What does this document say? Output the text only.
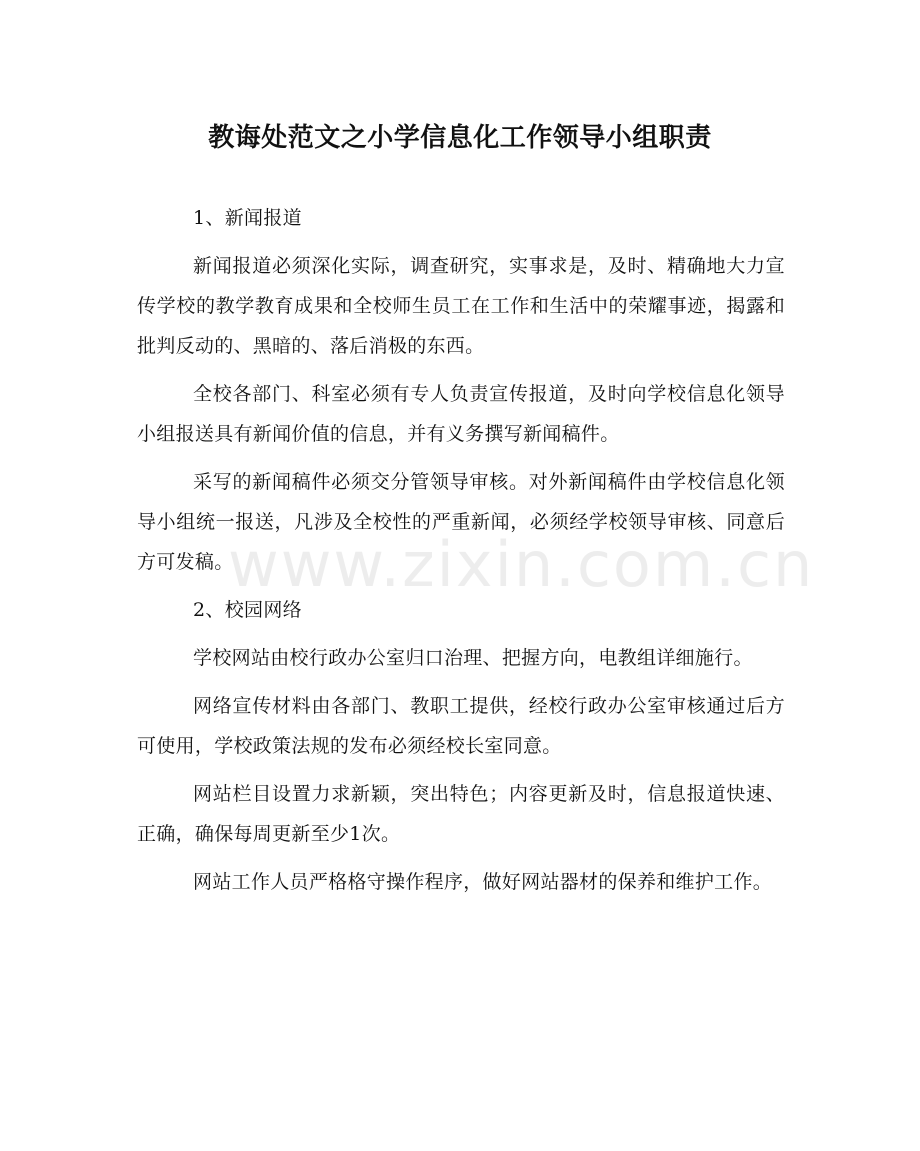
教诲处范文之小学信息化工作领导小组职责
www.zixin.com.cn

1、新闻报道

新闻报道必须深化实际，调查研究，实事求是，及时、精确地大力宣传学校的教学教育成果和全校师生员工在工作和生活中的荣耀事迹，揭露和批判反动的、黑暗的、落后消极的东西。

全校各部门、科室必须有专人负责宣传报道，及时向学校信息化领导小组报送具有新闻价值的信息，并有义务撰写新闻稿件。

采写的新闻稿件必须交分管领导审核。对外新闻稿件由学校信息化领导小组统一报送，凡涉及全校性的严重新闻，必须经学校领导审核、同意后方可发稿。

2、校园网络

学校网站由校行政办公室归口治理、把握方向，电教组详细施行。

网络宣传材料由各部门、教职工提供，经校行政办公室审核通过后方可使用，学校政策法规的发布必须经校长室同意。

网站栏目设置力求新颖，突出特色；内容更新及时，信息报道快速、正确，确保每周更新至少1次。

网站工作人员严格格守操作程序，做好网站器材的保养和维护工作。
